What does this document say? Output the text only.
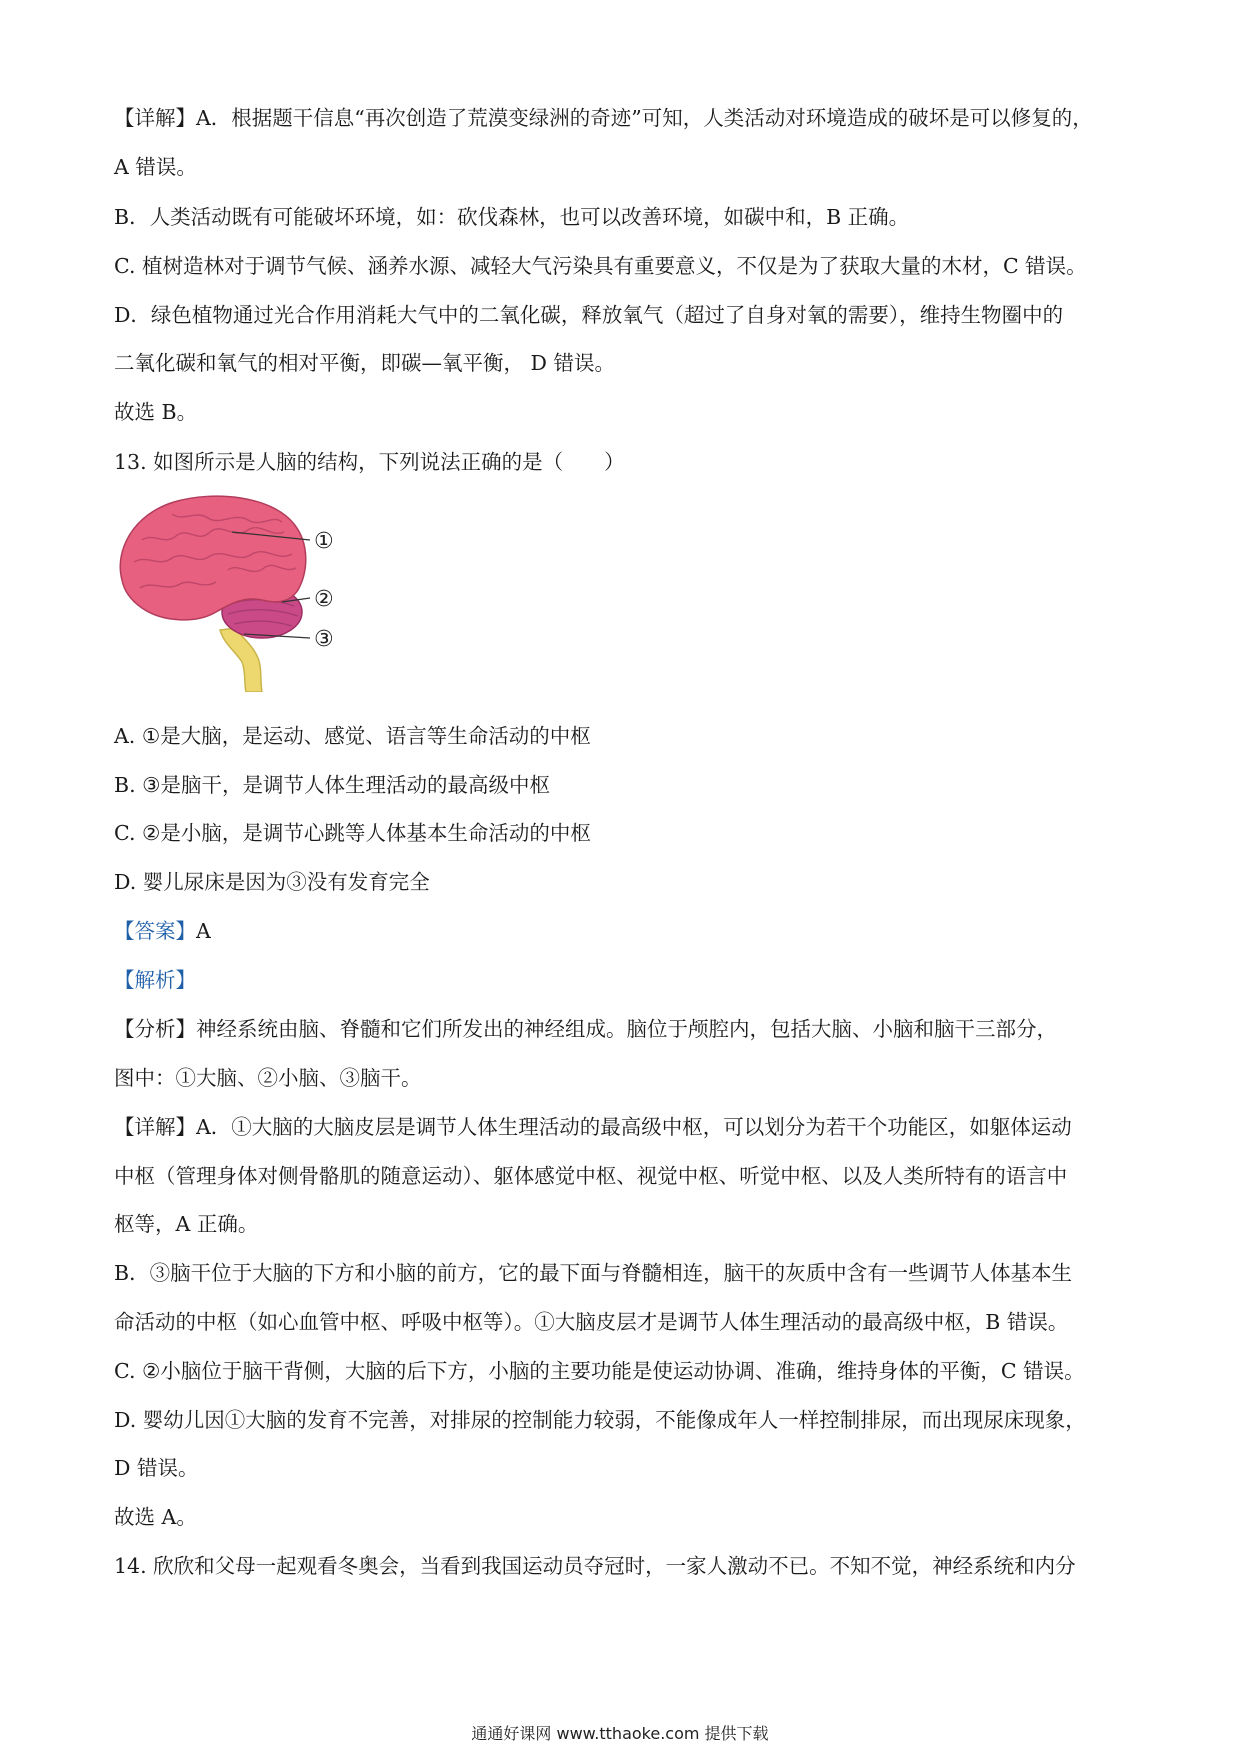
【详解】A．根据题干信息“再次创造了荒漠变绿洲的奇迹”可知，人类活动对环境造成的破坏是可以修复的，
A 错误。
B．人类活动既有可能破坏环境，如：砍伐森林，也可以改善环境，如碳中和，B 正确。
C. 植树造林对于调节气候、涵养水源、减轻大气污染具有重要意义，不仅是为了获取大量的木材，C 错误。
D．绿色植物通过光合作用消耗大气中的二氧化碳，释放氧气（超过了自身对氧的需要），维持生物圈中的
二氧化碳和氧气的相对平衡，即碳—氧平衡， D 错误。
故选 B。
13. 如图所示是人脑的结构，下列说法正确的是（　　）
①
②
③
A. ①是大脑，是运动、感觉、语言等生命活动的中枢
B. ③是脑干，是调节人体生理活动的最高级中枢
C. ②是小脑，是调节心跳等人体基本生命活动的中枢
D. 婴儿尿床是因为③没有发育完全
【答案】A
【解析】
【分析】神经系统由脑、脊髓和它们所发出的神经组成。脑位于颅腔内，包括大脑、小脑和脑干三部分，
图中：①大脑、②小脑、③脑干。
【详解】A．①大脑的大脑皮层是调节人体生理活动的最高级中枢，可以划分为若干个功能区，如躯体运动
中枢（管理身体对侧骨骼肌的随意运动）、躯体感觉中枢、视觉中枢、听觉中枢、以及人类所特有的语言中
枢等，A 正确。
B．③脑干位于大脑的下方和小脑的前方，它的最下面与脊髓相连，脑干的灰质中含有一些调节人体基本生
命活动的中枢（如心血管中枢、呼吸中枢等）。①大脑皮层才是调节人体生理活动的最高级中枢，B 错误。
C. ②小脑位于脑干背侧，大脑的后下方，小脑的主要功能是使运动协调、准确，维持身体的平衡，C 错误。
D. 婴幼儿因①大脑的发育不完善，对排尿的控制能力较弱，不能像成年人一样控制排尿，而出现尿床现象，
D 错误。
故选 A。
14. 欣欣和父母一起观看冬奥会，当看到我国运动员夺冠时，一家人激动不已。不知不觉，神经系统和内分
通通好课网 www.tthaoke.com 提供下载
